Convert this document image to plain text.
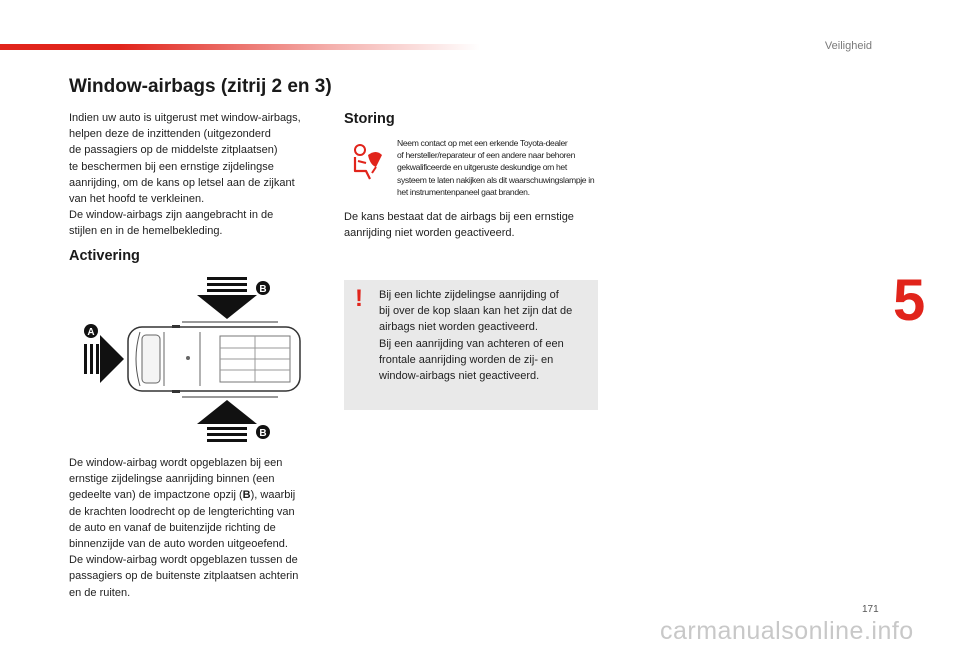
Veiligheid
5
Window-airbags (zitrij 2 en 3)

Indien uw auto is uitgerust met window-airbags,
helpen deze de inzittenden (uitgezonderd
de passagiers op de middelste zitplaatsen)
te beschermen bij een ernstige zijdelingse
aanrijding, om de kans op letsel aan de zijkant
van het hoofd te verkleinen.
De window-airbags zijn aangebracht in de
stijlen en in de hemelbekleding.

Activering
B
A
B

De window-airbag wordt opgeblazen bij een
ernstige zijdelingse aanrijding binnen (een
gedeelte van) de impactzone opzij (B), waarbij
de krachten loodrecht op de lengterichting van
de auto en vanaf de buitenzijde richting de
binnenzijde van de auto worden uitgeoefend.
De window-airbag wordt opgeblazen tussen de
passagiers op de buitenste zitplaatsen achterin
en de ruiten.

Storing

Neem contact op met een erkende Toyota-dealer
of hersteller/reparateur of een andere naar behoren
gekwalificeerde en uitgeruste deskundige om het
systeem te laten nakijken als dit waarschuwingslampje in
het instrumentenpaneel gaat branden.

De kans bestaat dat de airbags bij een ernstige
aanrijding niet worden geactiveerd.

! Bij een lichte zijdelingse aanrijding of
bij over de kop slaan kan het zijn dat de
airbags niet worden geactiveerd.
Bij een aanrijding van achteren of een
frontale aanrijding worden de zij- en
window-airbags niet geactiveerd.

171
carmanualsonline.info
